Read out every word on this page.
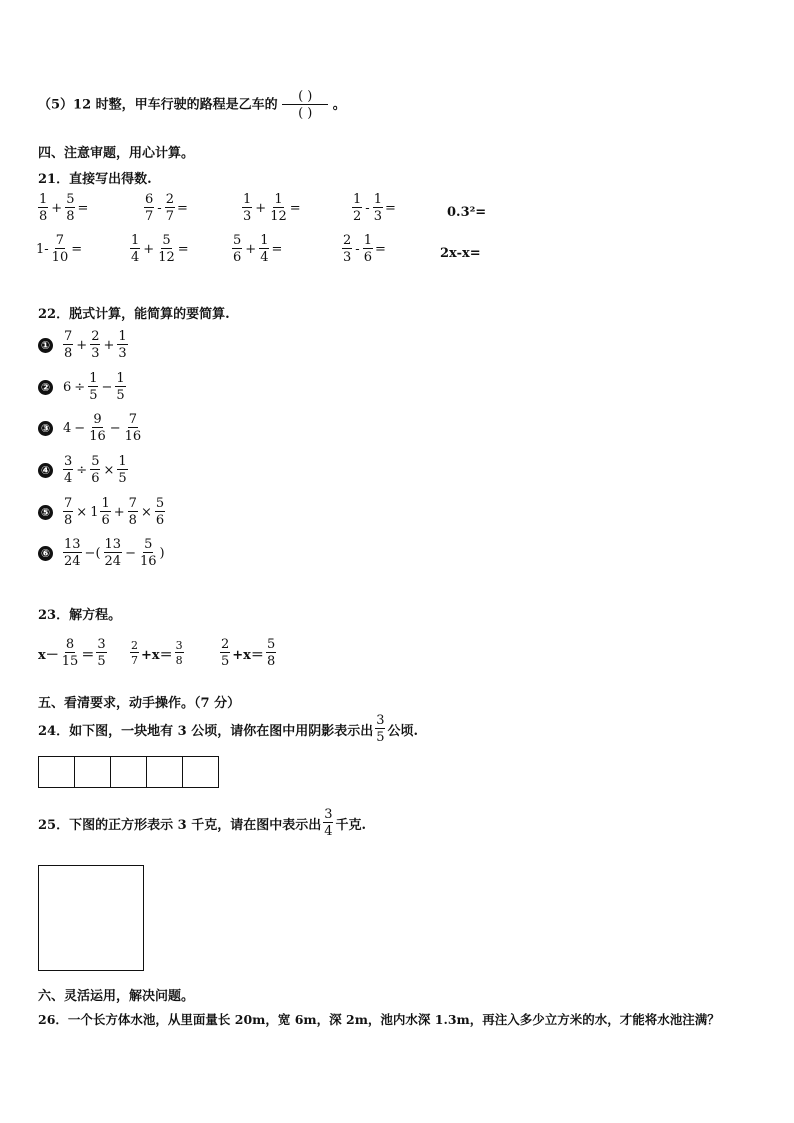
（5）12 时整，甲车行驶的路程是乙车的
( )
( )
。
四、注意审题，用心计算。
21．直接写出得数.
1
8
+ $\frac{5}{8}$ =
6
7
- $\frac{2}{7}$ =
1
3
+ $\frac{1}{12}$ =
1
2
- $\frac{1}{3}$ =	0.3²=
$1- \frac{7}{10}$ =
1
4
+ $\frac{5}{12}$ =
5
6
+ $\frac{1}{4}$ =
2
3
- $\frac{1}{6}$ =	2x-x=
22．脱式计算，能简算的要简算.
①
7
8
+ $\frac{2}{3} + \frac{1}{3}$
② $6 \div \frac{1}{5} - \frac{1}{5}$
③ $4 - \frac{9}{16} - \frac{7}{16}$
④ $\frac{3}{4} \div \frac{5}{6} \times \frac{1}{5}$
⑤ $\frac{7}{8} \times 1$
1
6
+ $\frac{7}{8} \times \frac{5}{6}$
⑥
13
24
−(
13
24
− $\frac{5}{16}$ )
23．解方程。
x－
8
15 ＝
3
5
2
7 +x＝
3
8
2
5 +x＝
5
8
五、看清要求，动手操作。（7 分）
24．如下图，一块地有 3 公顷，请你在图中用阴影表示出
3
5 公顷.
25．下图的正方形表示 3 千克，请在图中表示出
3
4 千克.
六、灵活运用，解决问题。
26．一个长方体水池，从里面量长 20m，宽 6m，深 2m，池内水深 1.3m，再注入多少立方米的水，才能将水池注满？
